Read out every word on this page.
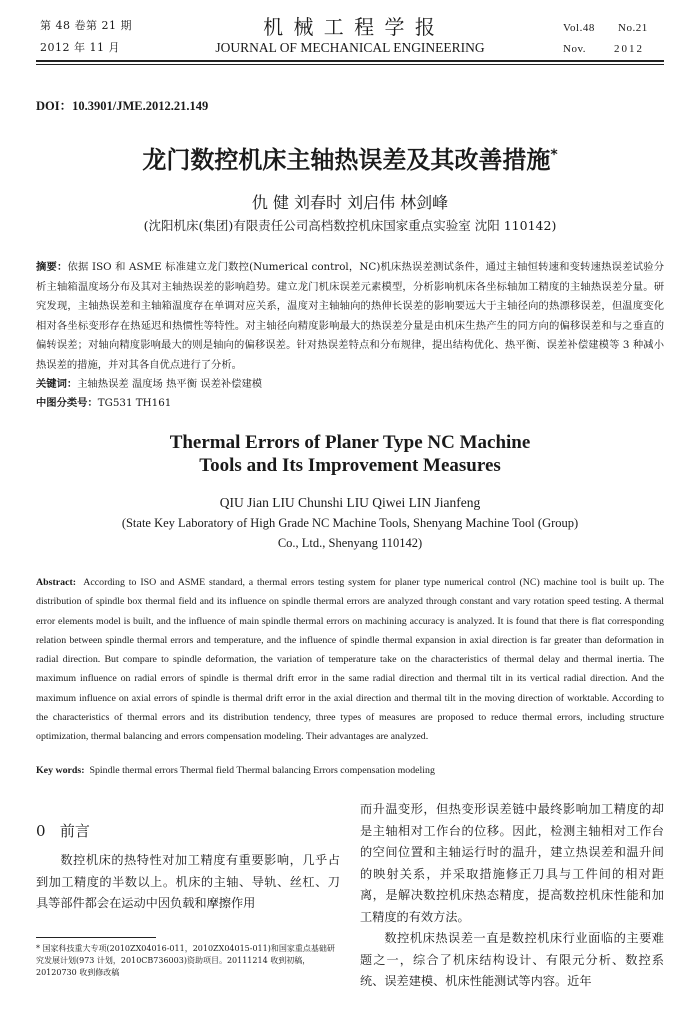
第 48 卷第 21 期
2012 年 11 月
机 械 工 程 学 报
JOURNAL OF MECHANICAL ENGINEERING
Vol.48 No.21
Nov.	2012
DOI：10.3901/JME.2012.21.149
龙门数控机床主轴热误差及其改善措施*
仇 健 刘春时 刘启伟 林剑峰
(沈阳机床(集团)有限责任公司高档数控机床国家重点实验室 沈阳 110142)
摘要：依据 ISO 和 ASME 标准建立龙门数控(Numerical control，NC)机床热误差测试条件，通过主轴恒转速和变转速热误差试验分析主轴箱温度场分布及其对主轴热误差的影响趋势。建立龙门机床误差元素模型，分析影响机床各坐标轴加工精度的主轴热误差分量。研究发现，主轴热误差和主轴箱温度存在单调对应关系，温度对主轴轴向的热伸长误差的影响要远大于主轴径向的热漂移误差，但温度变化相对各坐标变形存在热延迟和热惯性等特性。对主轴径向精度影响最大的热误差分量是由机床生热产生的同方向的偏移误差和与之垂直的偏转误差；对轴向精度影响最大的则是轴向的偏移误差。针对热误差特点和分布规律，提出结构优化、热平衡、误差补偿建模等 3 种减小热误差的措施，并对其各自优点进行了分析。
关键词：主轴热误差 温度场 热平衡 误差补偿建模
中图分类号：TG531 TH161
Thermal Errors of Planer Type NC Machine
Tools and Its Improvement Measures
QIU Jian LIU Chunshi LIU Qiwei LIN Jianfeng
(State Key Laboratory of High Grade NC Machine Tools, Shenyang Machine Tool (Group)
Co., Ltd., Shenyang 110142)
Abstract: According to ISO and ASME standard, a thermal errors testing system for planer type numerical control (NC) machine tool is built up. The distribution of spindle box thermal field and its influence on spindle thermal errors are analyzed through constant and vary rotation speed testing. A thermal error elements model is built, and the influence of main spindle thermal errors on machining accuracy is analyzed. It is found that there is flat corresponding relation between spindle thermal errors and temperature, and the influence of spindle thermal expansion in axial direction is far greater than deformation in radial direction. But compare to spindle deformation, the variation of temperature take on the characteristics of thermal delay and thermal inertia. The maximum influence on radial errors of spindle is thermal drift error in the same radial direction and thermal tilt in its vertical radial direction. And the maximum influence on axial errors of spindle is thermal drift error in the axial direction and thermal tilt in the moving direction of worktable. According to the characteristics of thermal errors and its distribution tendency, three types of measures are proposed to reduce thermal errors, including structure optimization, thermal balancing and errors compensation modeling. Their advantages are analyzed.
Key words: Spindle thermal errors Thermal field Thermal balancing Errors compensation modeling
0 前言
数控机床的热特性对加工精度有重要影响，几乎占到加工精度的半数以上。机床的主轴、导轨、丝杠、刀具等部件都会在运动中因负载和摩擦作用
* 国家科技重大专项(2010ZX04016-011，2010ZX04015-011)和国家重点基础研究发展计划(973 计划，2010CB736003)资助项目。20111214 收到初稿，20120730 收到修改稿
而升温变形，但热变形误差链中最终影响加工精度的却是主轴相对工作台的位移。因此，检测主轴相对工作台的空间位置和主轴运行时的温升，建立热误差和温升间的映射关系，并采取措施修正刀具与工件间的相对距离，是解决数控机床热态精度，提高数控机床性能和加工精度的有效方法。
数控机床热误差一直是数控机床行业面临的主要难题之一，综合了机床结构设计、有限元分析、数控系统、误差建模、机床性能测试等内容。近年
